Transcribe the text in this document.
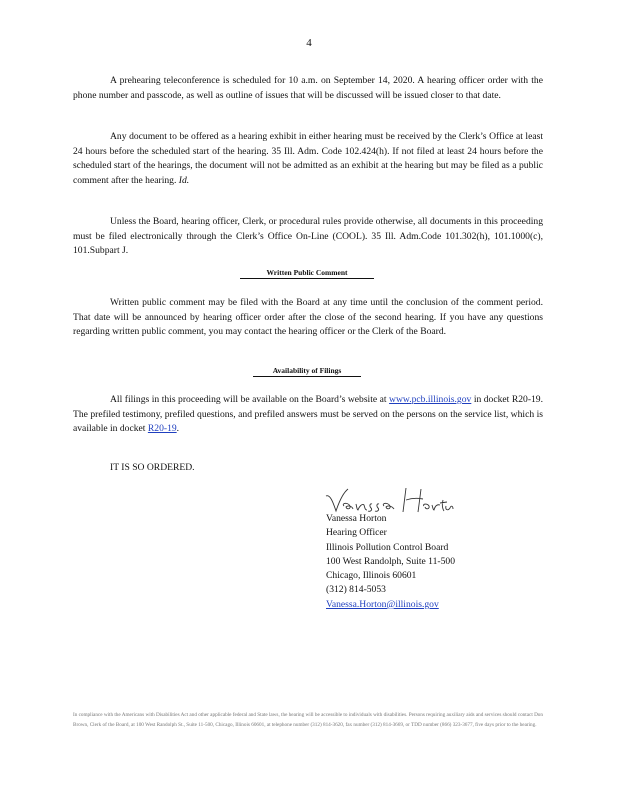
4

A prehearing teleconference is scheduled for 10 a.m. on September 14, 2020. A hearing officer order with the phone number and passcode, as well as outline of issues that will be discussed will be issued closer to that date.

Any document to be offered as a hearing exhibit in either hearing must be received by the Clerk’s Office at least 24 hours before the scheduled start of the hearing. 35 Ill. Adm. Code 102.424(h). If not filed at least 24 hours before the scheduled start of the hearings, the document will not be admitted as an exhibit at the hearing but may be filed as a public comment after the hearing. Id.

Unless the Board, hearing officer, Clerk, or procedural rules provide otherwise, all documents in this proceeding must be filed electronically through the Clerk’s Office On-Line (COOL). 35 Ill. Adm.Code 101.302(h), 101.1000(c), 101.Subpart J.

Written Public Comment

Written public comment may be filed with the Board at any time until the conclusion of the comment period. That date will be announced by hearing officer order after the close of the second hearing. If you have any questions regarding written public comment, you may contact the hearing officer or the Clerk of the Board.

Availability of Filings

All filings in this proceeding will be available on the Board’s website at www.pcb.illinois.gov in docket R20-19. The prefiled testimony, prefiled questions, and prefiled answers must be served on the persons on the service list, which is available in docket R20-19.

IT IS SO ORDERED.
Vanessa Horton
Hearing Officer
Illinois Pollution Control Board
100 West Randolph, Suite 11-500
Chicago, Illinois 60601
(312) 814-5053
Vanessa.Horton@illinois.gov
In compliance with the Americans with Disabilities Act and other applicable federal and State laws, the hearing will be accessible to individuals with disabilities. Persons requiring auxiliary aids and services should contact Don Brown, Clerk of the Board, at 100 West Randolph St., Suite 11-500, Chicago, Illinois 60601, at telephone number (312) 814-3620, fax number (312) 814-3669, or TDD number (866) 323-3677, five days prior to the hearing.
